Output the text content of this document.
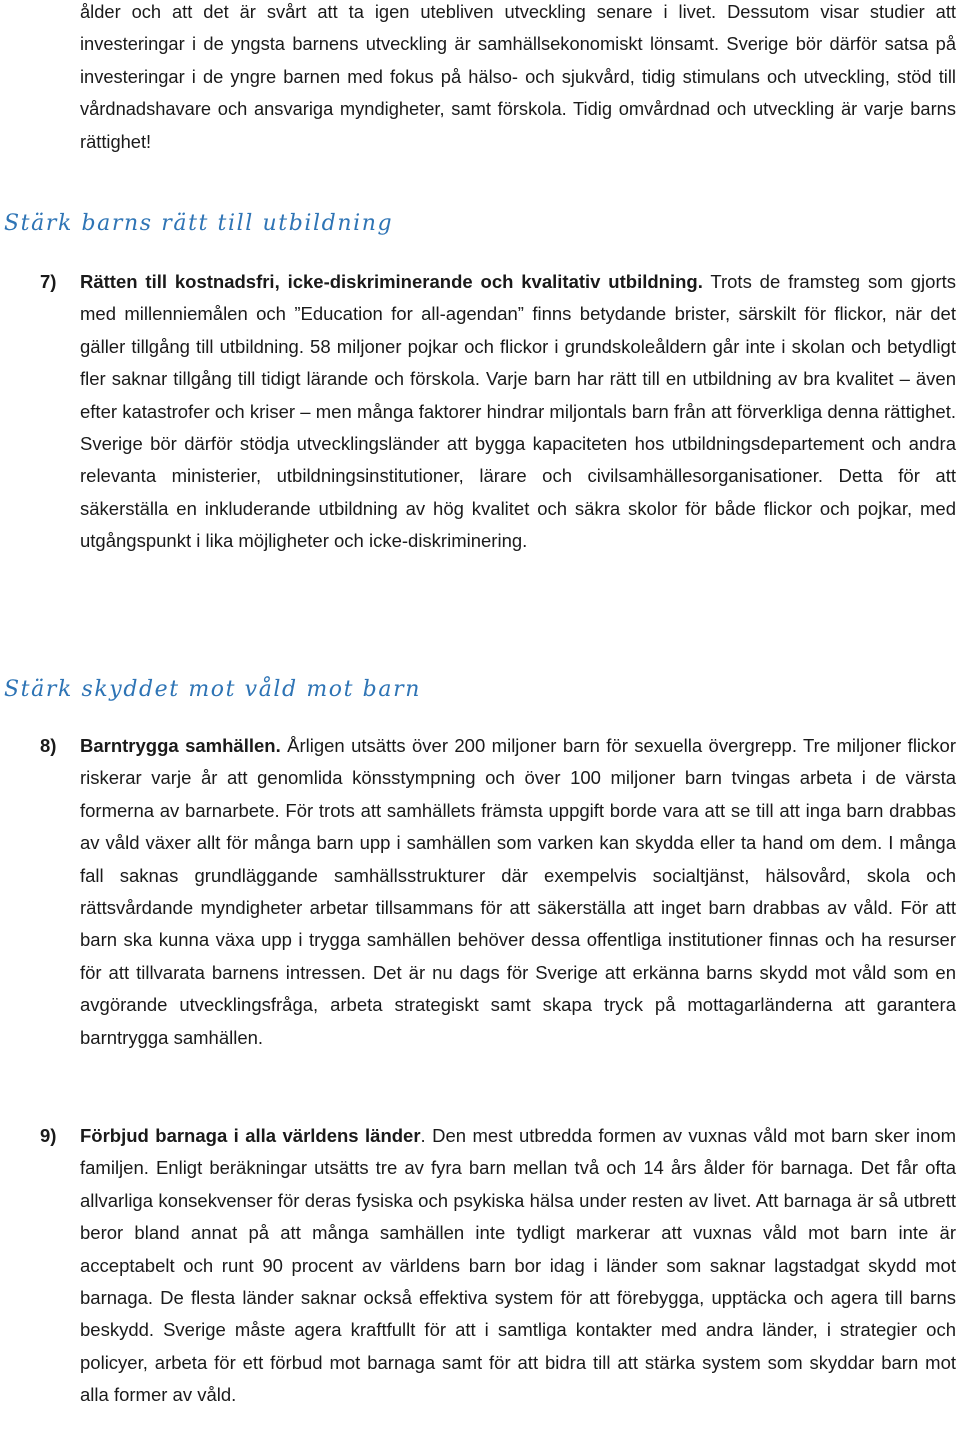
ålder och att det är svårt att ta igen utebliven utveckling senare i livet. Dessutom visar studier att investeringar i de yngsta barnens utveckling är samhällsekonomiskt lönsamt. Sverige bör därför satsa på investeringar i de yngre barnen med fokus på hälso- och sjukvård, tidig stimulans och utveckling, stöd till vårdnadshavare och ansvariga myndigheter, samt förskola. Tidig omvårdnad och utveckling är varje barns rättighet!

Stärk barns rätt till utbildning
7) Rätten till kostnadsfri, icke-diskriminerande och kvalitativ utbildning. Trots de framsteg som gjorts med millenniemålen och ”Education for all-agendan” finns betydande brister, särskilt för flickor, när det gäller tillgång till utbildning. 58 miljoner pojkar och flickor i grundskoleåldern går inte i skolan och betydligt fler saknar tillgång till tidigt lärande och förskola. Varje barn har rätt till en utbildning av bra kvalitet – även efter katastrofer och kriser – men många faktorer hindrar miljontals barn från att förverkliga denna rättighet. Sverige bör därför stödja utvecklingsländer att bygga kapaciteten hos utbildningsdepartement och andra relevanta ministerier, utbildningsinstitutioner, lärare och civilsamhällesorganisationer. Detta för att säkerställa en inkluderande utbildning av hög kvalitet och säkra skolor för både flickor och pojkar, med utgångspunkt i lika möjligheter och icke-diskriminering.
Stärk skyddet mot våld mot barn
8) Barntrygga samhällen. Årligen utsätts över 200 miljoner barn för sexuella övergrepp. Tre miljoner flickor riskerar varje år att genomlida könsstympning och över 100 miljoner barn tvingas arbeta i de värsta formerna av barnarbete. För trots att samhällets främsta uppgift borde vara att se till att inga barn drabbas av våld växer allt för många barn upp i samhällen som varken kan skydda eller ta hand om dem. I många fall saknas grundläggande samhällsstrukturer där exempelvis socialtjänst, hälsovård, skola och rättsvårdande myndigheter arbetar tillsammans för att säkerställa att inget barn drabbas av våld. För att barn ska kunna växa upp i trygga samhällen behöver dessa offentliga institutioner finnas och ha resurser för att tillvarata barnens intressen. Det är nu dags för Sverige att erkänna barns skydd mot våld som en avgörande utvecklingsfråga, arbeta strategiskt samt skapa tryck på mottagarländerna att garantera barntrygga samhällen.
9) Förbjud barnaga i alla världens länder. Den mest utbredda formen av vuxnas våld mot barn sker inom familjen. Enligt beräkningar utsätts tre av fyra barn mellan två och 14 års ålder för barnaga. Det får ofta allvarliga konsekvenser för deras fysiska och psykiska hälsa under resten av livet. Att barnaga är så utbrett beror bland annat på att många samhällen inte tydligt markerar att vuxnas våld mot barn inte är acceptabelt och runt 90 procent av världens barn bor idag i länder som saknar lagstadgat skydd mot barnaga. De flesta länder saknar också effektiva system för att förebygga, upptäcka och agera till barns beskydd. Sverige måste agera kraftfullt för att i samtliga kontakter med andra länder, i strategier och policyer, arbeta för ett förbud mot barnaga samt för att bidra till att stärka system som skyddar barn mot alla former av våld.
